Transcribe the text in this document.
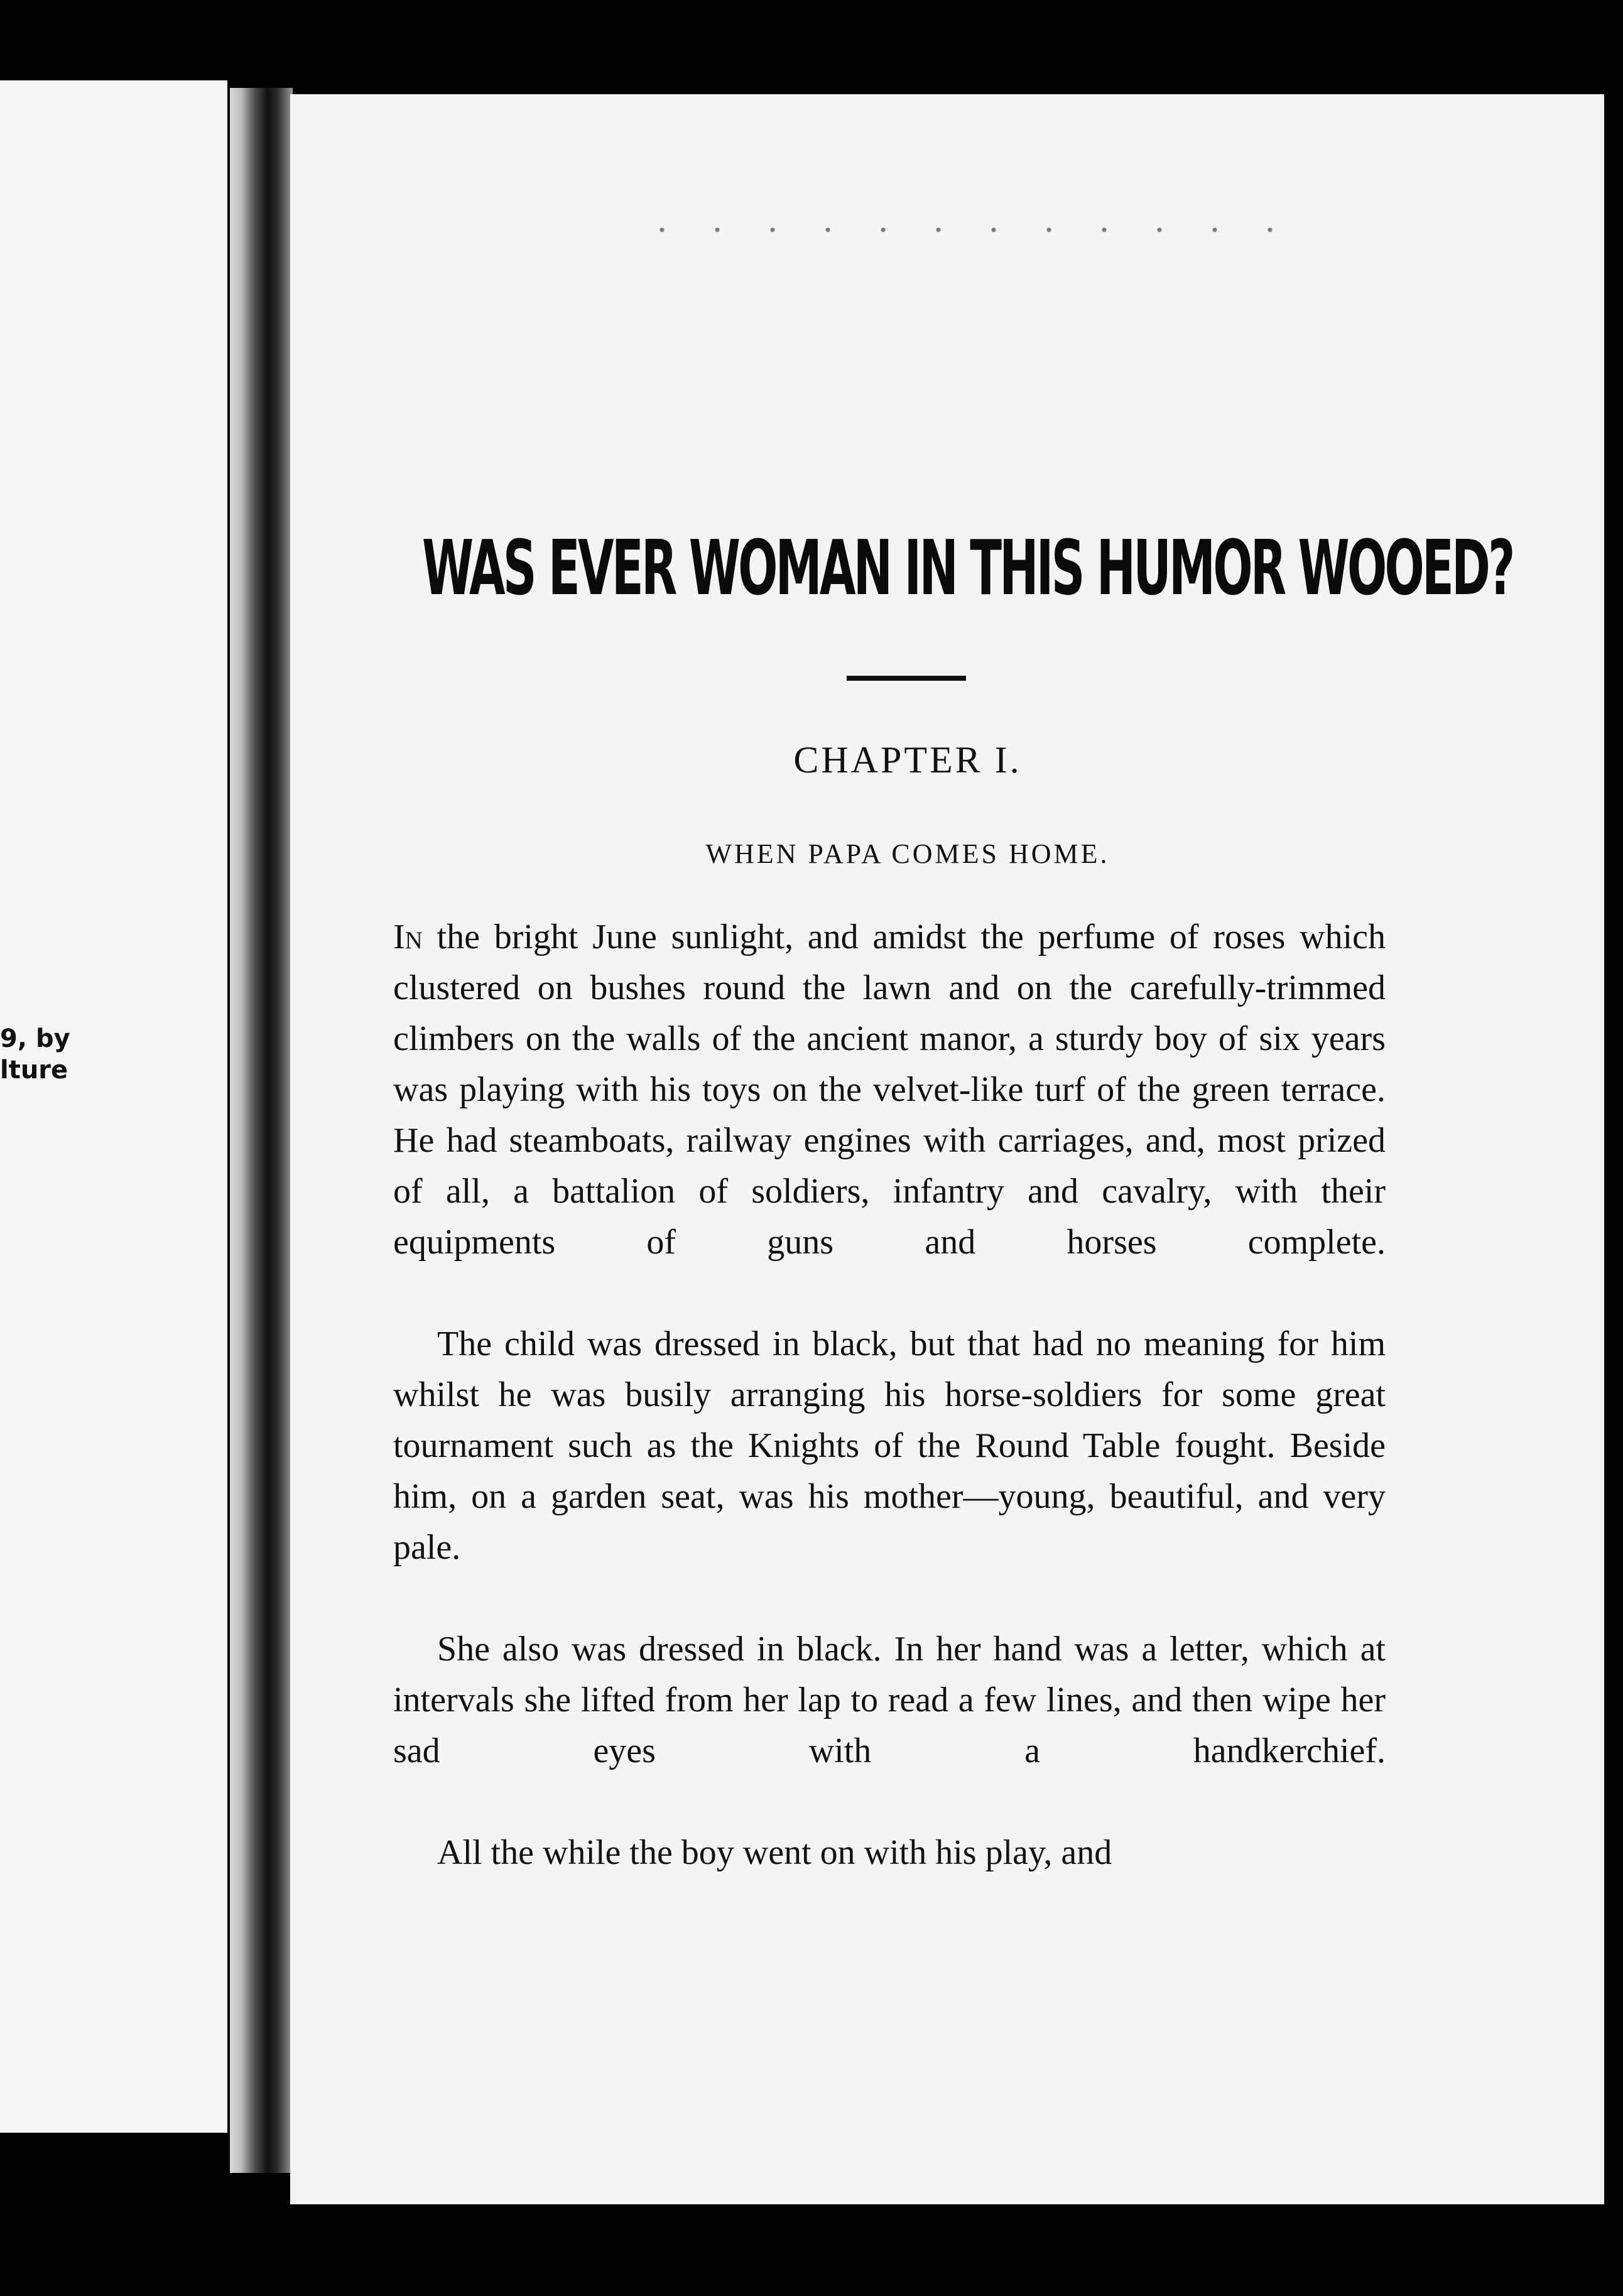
9, by
lture
WAS EVER WOMAN IN THIS HUMOR WOOED?
CHAPTER I.
WHEN PAPA COMES HOME.

In the bright June sunlight, and amidst the perfume of roses which clustered on bushes round the lawn and on the carefully-trimmed climbers on the walls of the ancient manor, a sturdy boy of six years was playing with his toys on the velvet-like turf of the green terrace. He had steamboats, railway engines with carriages, and, most prized of all, a battalion of soldiers, infantry and cavalry, with their equipments of guns and horses complete.

The child was dressed in black, but that had no meaning for him whilst he was busily arranging his horse-soldiers for some great tournament such as the Knights of the Round Table fought. Beside him, on a garden seat, was his mother—young, beautiful, and very pale.

She also was dressed in black. In her hand was a letter, which at intervals she lifted from her lap to read a few lines, and then wipe her sad eyes with a handkerchief.

All the while the boy went on with his play, and
